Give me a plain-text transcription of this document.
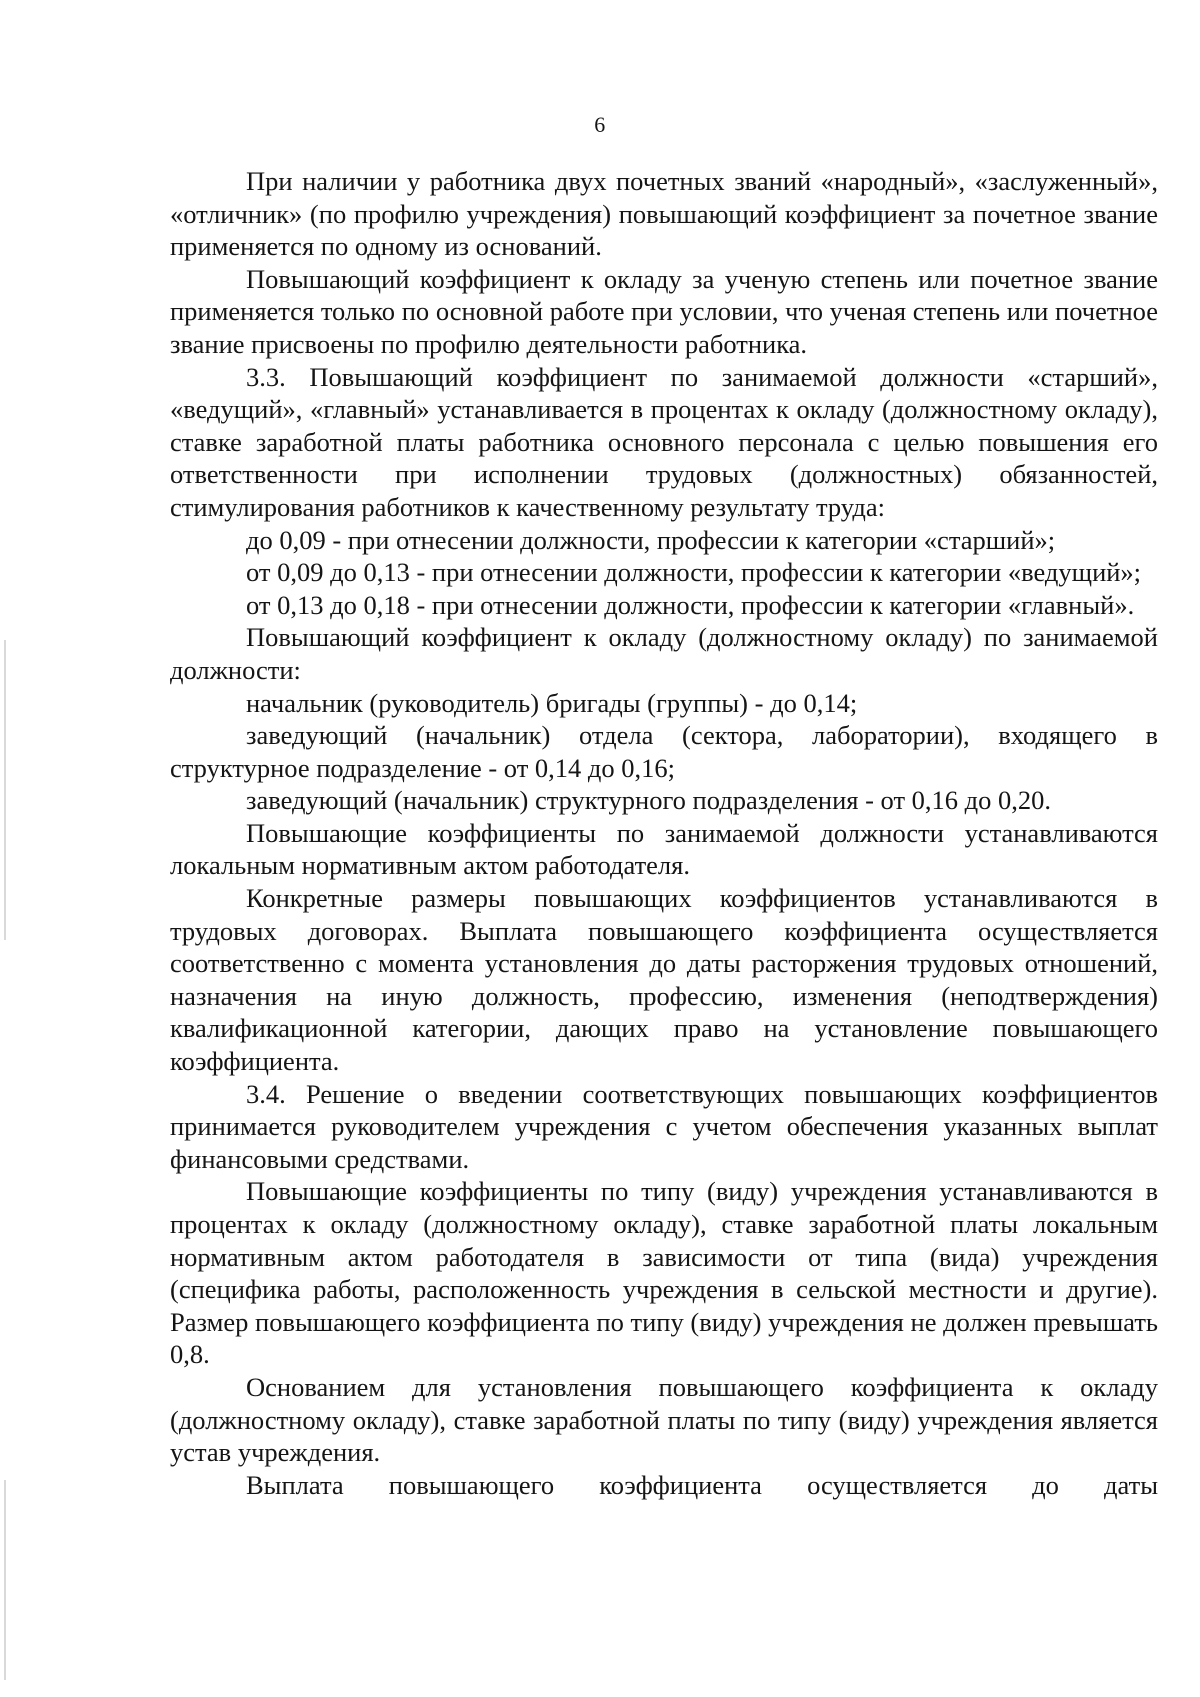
6

При наличии у работника двух почетных званий «народный», «заслуженный», «отличник» (по профилю учреждения) повышающий коэффициент за почетное звание применяется по одному из оснований.

Повышающий коэффициент к окладу за ученую степень или почетное звание применяется только по основной работе при условии, что ученая степень или почетное звание присвоены по профилю деятельности работника.

3.3. Повышающий коэффициент по занимаемой должности «старший», «ведущий», «главный» устанавливается в процентах к окладу (должностному окладу), ставке заработной платы работника основного персонала с целью повышения его ответственности при исполнении трудовых (должностных) обязанностей, стимулирования работников к качественному результату труда:

до 0,09 - при отнесении должности, профессии к категории «старший»;

от 0,09 до 0,13 - при отнесении должности, профессии к категории «ведущий»;

от 0,13 до 0,18 - при отнесении должности, профессии к категории «главный».

Повышающий коэффициент к окладу (должностному окладу) по занимаемой должности:

начальник (руководитель) бригады (группы) - до 0,14;

заведующий (начальник) отдела (сектора, лаборатории), входящего в структурное подразделение - от 0,14 до 0,16;

заведующий (начальник) структурного подразделения - от 0,16 до 0,20.

Повышающие коэффициенты по занимаемой должности устанавливаются локальным нормативным актом работодателя.

Конкретные размеры повышающих коэффициентов устанавливаются в трудовых договорах. Выплата повышающего коэффициента осуществляется соответственно с момента установления до даты расторжения трудовых отношений, назначения на иную должность, профессию, изменения (неподтверждения) квалификационной категории, дающих право на установление повышающего коэффициента.

3.4. Решение о введении соответствующих повышающих коэффициентов принимается руководителем учреждения с учетом обеспечения указанных выплат финансовыми средствами.

Повышающие коэффициенты по типу (виду) учреждения устанавливаются в процентах к окладу (должностному окладу), ставке заработной платы локальным нормативным актом работодателя в зависимости от типа (вида) учреждения (специфика работы, расположенность учреждения в сельской местности и другие). Размер повышающего коэффициента по типу (виду) учреждения не должен превышать 0,8.

Основанием для установления повышающего коэффициента к окладу (должностному окладу), ставке заработной платы по типу (виду) учреждения является устав учреждения.

Выплата повышающего коэффициента осуществляется до даты
